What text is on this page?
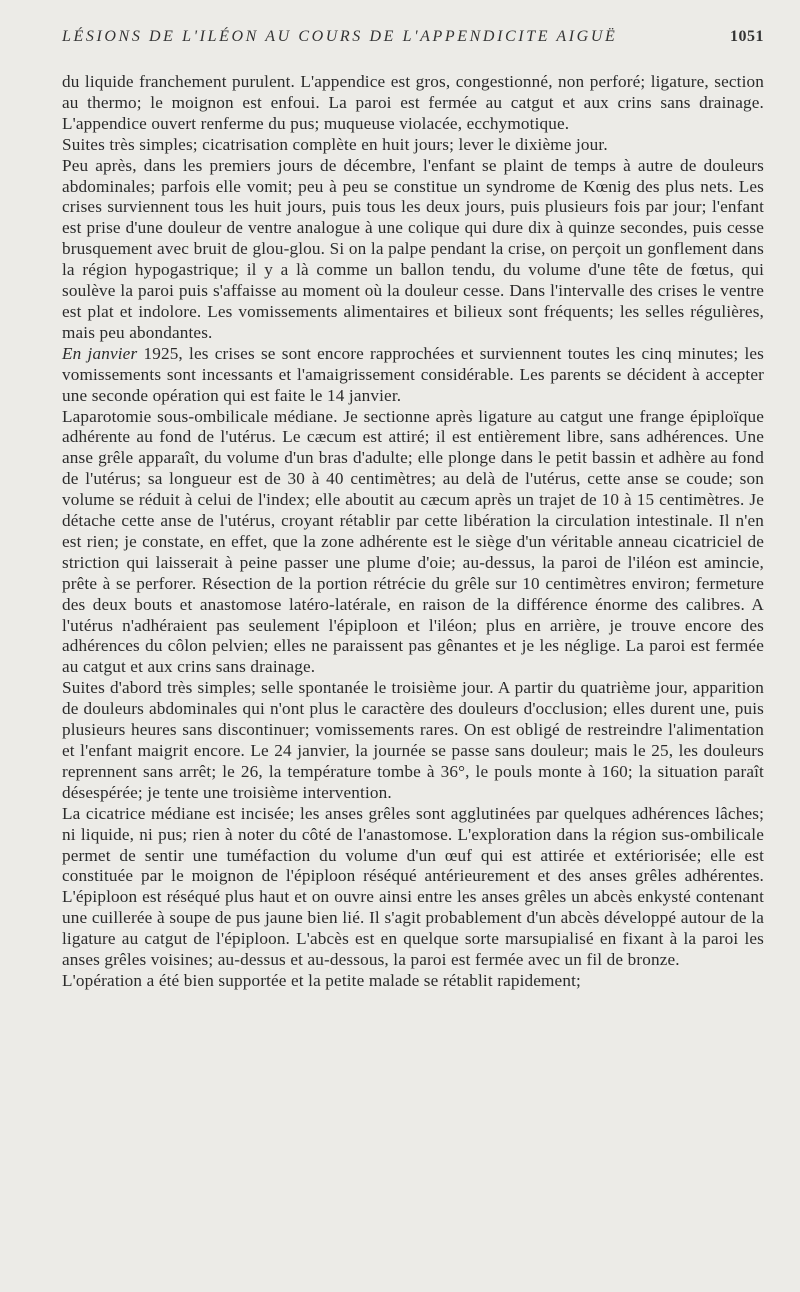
LÉSIONS DE L'ILÉON AU COURS DE L'APPENDICITE AIGUË	1051

du liquide franchement purulent. L'appendice est gros, congestionné, non perforé; ligature, section au thermo; le moignon est enfoui. La paroi est fermée au catgut et aux crins sans drainage. L'appendice ouvert renferme du pus; muqueuse violacée, ecchymotique.

Suites très simples; cicatrisation complète en huit jours; lever le dixième jour.

Peu après, dans les premiers jours de décembre, l'enfant se plaint de temps à autre de douleurs abdominales; parfois elle vomit; peu à peu se constitue un syndrome de Kœnig des plus nets. Les crises surviennent tous les huit jours, puis tous les deux jours, puis plusieurs fois par jour; l'enfant est prise d'une douleur de ventre analogue à une colique qui dure dix à quinze secondes, puis cesse brusquement avec bruit de glou-glou. Si on la palpe pendant la crise, on perçoit un gonflement dans la région hypogastrique; il y a là comme un ballon tendu, du volume d'une tête de fœtus, qui soulève la paroi puis s'affaisse au moment où la douleur cesse. Dans l'intervalle des crises le ventre est plat et indolore. Les vomissements alimentaires et bilieux sont fréquents; les selles régulières, mais peu abondantes.

En janvier 1925, les crises se sont encore rapprochées et surviennent toutes les cinq minutes; les vomissements sont incessants et l'amaigrissement considérable. Les parents se décident à accepter une seconde opération qui est faite le 14 janvier.

Laparotomie sous-ombilicale médiane. Je sectionne après ligature au catgut une frange épiploïque adhérente au fond de l'utérus. Le cæcum est attiré; il est entièrement libre, sans adhérences. Une anse grêle apparaît, du volume d'un bras d'adulte; elle plonge dans le petit bassin et adhère au fond de l'utérus; sa longueur est de 30 à 40 centimètres; au delà de l'utérus, cette anse se coude; son volume se réduit à celui de l'index; elle aboutit au cæcum après un trajet de 10 à 15 centimètres. Je détache cette anse de l'utérus, croyant rétablir par cette libération la circulation intestinale. Il n'en est rien; je constate, en effet, que la zone adhérente est le siège d'un véritable anneau cicatriciel de striction qui laisserait à peine passer une plume d'oie; au-dessus, la paroi de l'iléon est amincie, prête à se perforer. Résection de la portion rétrécie du grêle sur 10 centimètres environ; fermeture des deux bouts et anastomose latéro-latérale, en raison de la différence énorme des calibres. A l'utérus n'adhéraient pas seulement l'épiploon et l'iléon; plus en arrière, je trouve encore des adhérences du côlon pelvien; elles ne paraissent pas gênantes et je les néglige. La paroi est fermée au catgut et aux crins sans drainage.

Suites d'abord très simples; selle spontanée le troisième jour. A partir du quatrième jour, apparition de douleurs abdominales qui n'ont plus le caractère des douleurs d'occlusion; elles durent une, puis plusieurs heures sans discontinuer; vomissements rares. On est obligé de restreindre l'alimentation et l'enfant maigrit encore. Le 24 janvier, la journée se passe sans douleur; mais le 25, les douleurs reprennent sans arrêt; le 26, la température tombe à 36°, le pouls monte à 160; la situation paraît désespérée; je tente une troisième intervention.

La cicatrice médiane est incisée; les anses grêles sont agglutinées par quelques adhérences lâches; ni liquide, ni pus; rien à noter du côté de l'anastomose. L'exploration dans la région sus-ombilicale permet de sentir une tuméfaction du volume d'un œuf qui est attirée et extériorisée; elle est constituée par le moignon de l'épiploon réséqué antérieurement et des anses grêles adhérentes. L'épiploon est réséqué plus haut et on ouvre ainsi entre les anses grêles un abcès enkysté contenant une cuillerée à soupe de pus jaune bien lié. Il s'agit probablement d'un abcès développé autour de la ligature au catgut de l'épiploon. L'abcès est en quelque sorte marsupialisé en fixant à la paroi les anses grêles voisines; au-dessus et au-dessous, la paroi est fermée avec un fil de bronze.

L'opération a été bien supportée et la petite malade se rétablit rapidement;
